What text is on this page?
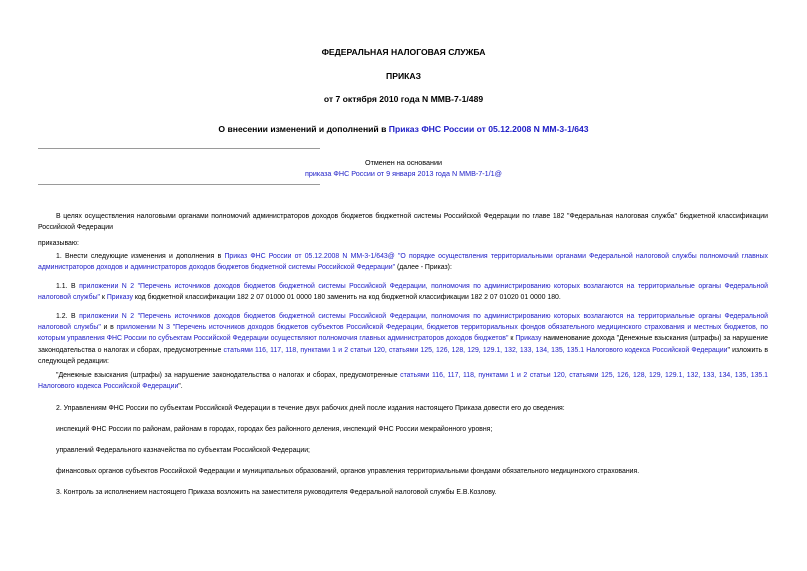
ФЕДЕРАЛЬНАЯ НАЛОГОВАЯ СЛУЖБА
ПРИКАЗ
от 7 октября 2010 года N ММВ-7-1/489
О внесении изменений и дополнений в Приказ ФНС России от 05.12.2008 N ММ-3-1/643
Отменен на основании
приказа ФНС России от 9 января 2013 года N ММВ-7-1/1@
В целях осуществления налоговыми органами полномочий администраторов доходов бюджетов бюджетной системы Российской Федерации по главе 182 "Федеральная налоговая служба" бюджетной классификации Российской Федерации
приказываю:
1. Внести следующие изменения и дополнения в Приказ ФНС России от 05.12.2008 N ММ-3-1/643@ "О порядке осуществления территориальными органами Федеральной налоговой службы полномочий главных администраторов доходов и администраторов доходов бюджетов бюджетной системы Российской Федерации" (далее - Приказ):
1.1. В приложении N 2 "Перечень источников доходов бюджетов бюджетной системы Российской Федерации, полномочия по администрированию которых возлагаются на территориальные органы Федеральной налоговой службы" к Приказу код бюджетной классификации 182 2 07 01000 01 0000 180 заменить на код бюджетной классификации 182 2 07 01020 01 0000 180.
1.2. В приложении N 2 "Перечень источников доходов бюджетов бюджетной системы Российской Федерации, полномочия по администрированию которых возлагаются на территориальные органы Федеральной налоговой службы" и в приложении N 3 "Перечень источников доходов бюджетов субъектов Российской Федерации, бюджетов территориальных фондов обязательного медицинского страхования и местных бюджетов, по которым управления ФНС России по субъектам Российской Федерации осуществляют полномочия главных администраторов доходов бюджетов" к Приказу наименование дохода "Денежные взыскания (штрафы) за нарушение законодательства о налогах и сборах, предусмотренные статьями 116, 117, 118, пунктами 1 и 2 статьи 120, статьями 125, 126, 128, 129, 129.1, 132, 133, 134, 135, 135.1 Налогового кодекса Российской Федерации" изложить в следующей редакции:
"Денежные взыскания (штрафы) за нарушение законодательства о налогах и сборах, предусмотренные статьями 116, 117, 118, пунктами 1 и 2 статьи 120, статьями 125, 126, 128, 129, 129.1, 132, 133, 134, 135, 135.1 Налогового кодекса Российской Федерации".
2. Управлениям ФНС России по субъектам Российской Федерации в течение двух рабочих дней после издания настоящего Приказа довести его до сведения:
инспекций ФНС России по районам, районам в городах, городах без районного деления, инспекций ФНС России межрайонного уровня;
управлений Федерального казначейства по субъектам Российской Федерации;
финансовых органов субъектов Российской Федерации и муниципальных образований, органов управления территориальными фондами обязательного медицинского страхования.
3. Контроль за исполнением настоящего Приказа возложить на заместителя руководителя Федеральной налоговой службы Е.В.Козлову.
